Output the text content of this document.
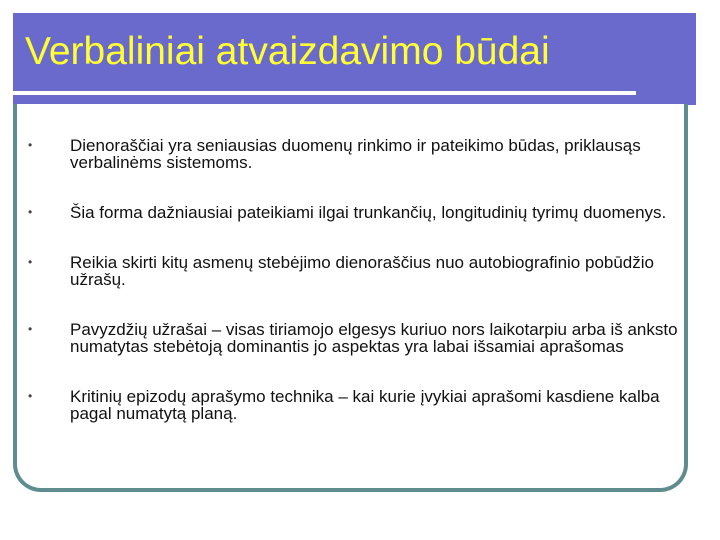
Verbaliniai atvaizdavimo būdai
• Dienoraščiai yra seniausias duomenų rinkimo ir pateikimo būdas, priklausąs verbalinėms sistemoms.
• Šia forma dažniausiai pateikiami ilgai trunkančių, longitudinių tyrimų duomenys.
• Reikia skirti kitų asmenų stebėjimo dienoraščius nuo autobiografinio pobūdžio užrašų.
• Pavyzdžių užrašai – visas tiriamojo elgesys kuriuo nors laikotarpiu arba iš anksto numatytas stebėtoją dominantis jo aspektas yra labai išsamiai aprašomas
• Kritinių epizodų aprašymo technika – kai kurie įvykiai aprašomi kasdiene kalba pagal numatytą planą.
